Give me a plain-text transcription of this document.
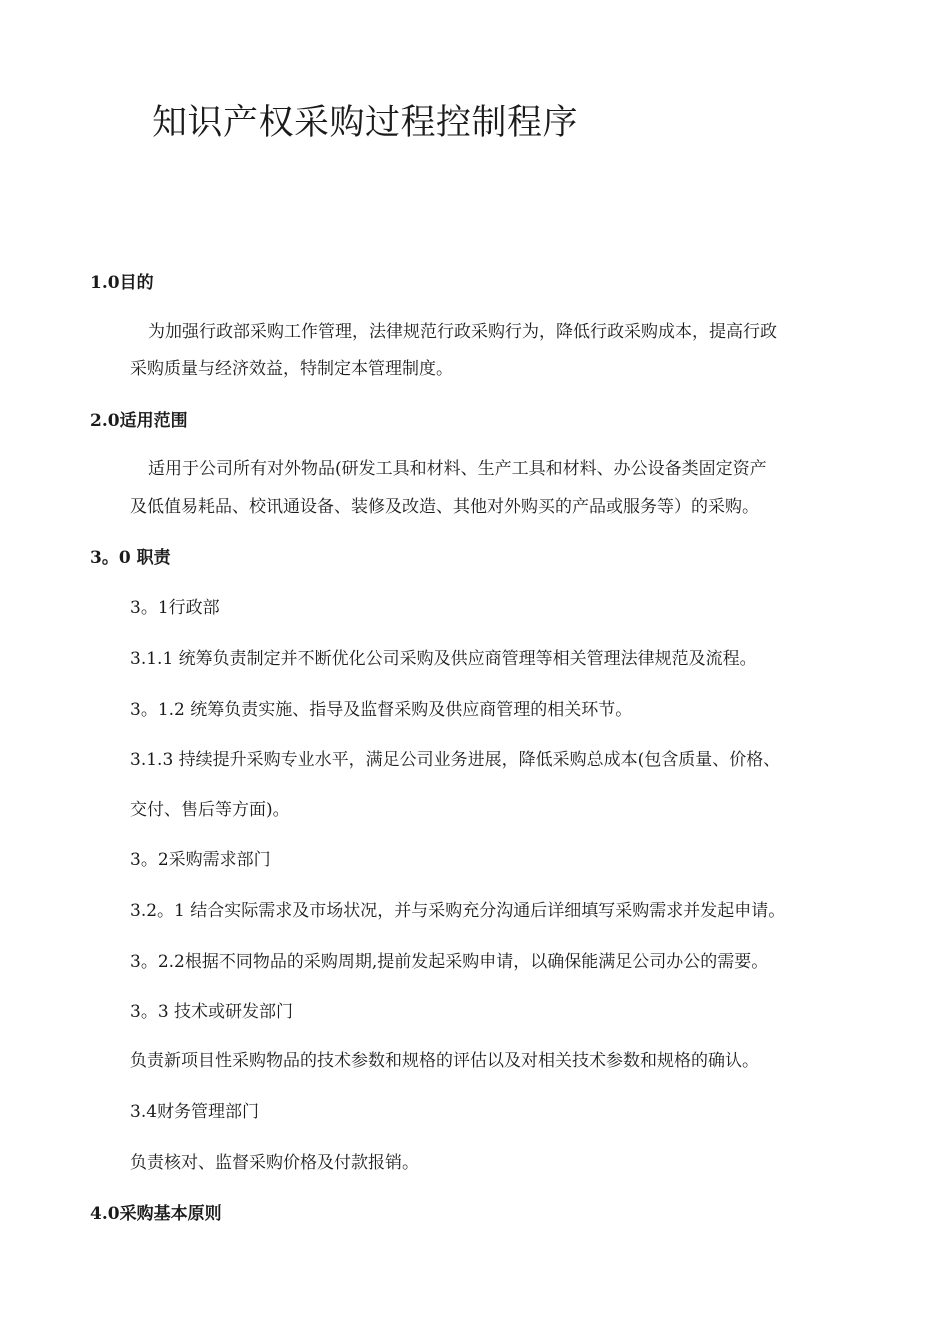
知识产权采购过程控制程序
1.0目的
为加强行政部采购工作管理，法律规范行政采购行为，降低行政采购成本，提高行政
采购质量与经济效益，特制定本管理制度。
2.0适用范围
适用于公司所有对外物品(研发工具和材料、生产工具和材料、办公设备类固定资产
及低值易耗品、校讯通设备、装修及改造、其他对外购买的产品或服务等）的采购。
3。0 职责
3。1行政部
3.1.1 统筹负责制定并不断优化公司采购及供应商管理等相关管理法律规范及流程。
3。1.2 统筹负责实施、指导及监督采购及供应商管理的相关环节。
3.1.3 持续提升采购专业水平，满足公司业务进展，降低采购总成本(包含质量、价格、
交付、售后等方面)。
3。2采购需求部门
3.2。1 结合实际需求及市场状况，并与采购充分沟通后详细填写采购需求并发起申请。
3。2.2根据不同物品的采购周期,提前发起采购申请，以确保能满足公司办公的需要。
3。3 技术或研发部门
负责新项目性采购物品的技术参数和规格的评估以及对相关技术参数和规格的确认。
3.4财务管理部门
负责核对、监督采购价格及付款报销。
4.0采购基本原则
